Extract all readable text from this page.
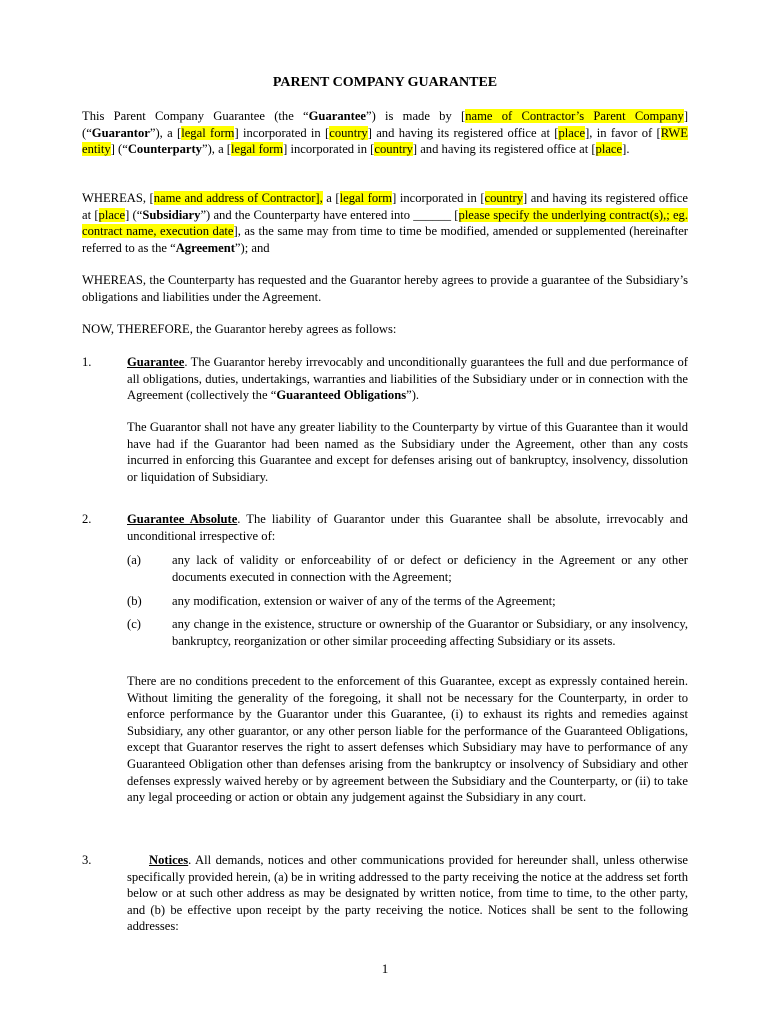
PARENT COMPANY GUARANTEE
This Parent Company Guarantee (the “Guarantee”) is made by [name of Contractor’s Parent Company] (“Guarantor”), a [legal form] incorporated in [country] and having its registered office at [place], in favor of [RWE entity] (“Counterparty”), a [legal form] incorporated in [country] and having its registered office at [place].
WHEREAS, [name and address of Contractor], a [legal form] incorporated in [country] and having its registered office at [place] (“Subsidiary”) and the Counterparty have entered into ______ [please specify the underlying contract(s),; eg. contract name, execution date], as the same may from time to time be modified, amended or supplemented (hereinafter referred to as the “Agreement”); and
WHEREAS, the Counterparty has requested and the Guarantor hereby agrees to provide a guarantee of the Subsidiary’s obligations and liabilities under the Agreement.
NOW, THEREFORE, the Guarantor hereby agrees as follows:
1.	Guarantee. The Guarantor hereby irrevocably and unconditionally guarantees the full and due performance of all obligations, duties, undertakings, warranties and liabilities of the Subsidiary under or in connection with the Agreement (collectively the “Guaranteed Obligations”).
The Guarantor shall not have any greater liability to the Counterparty by virtue of this Guarantee than it would have had if the Guarantor had been named as the Subsidiary under the Agreement, other than any costs incurred in enforcing this Guarantee and except for defenses arising out of bankruptcy, insolvency, dissolution or liquidation of Subsidiary.
2.	Guarantee Absolute. The liability of Guarantor under this Guarantee shall be absolute, irrevocably and unconditional irrespective of:
(a) any lack of validity or enforceability of or defect or deficiency in the Agreement or any other documents executed in connection with the Agreement;
(b) any modification, extension or waiver of any of the terms of the Agreement;
(c) any change in the existence, structure or ownership of the Guarantor or Subsidiary, or any insolvency, bankruptcy, reorganization or other similar proceeding affecting Subsidiary or its assets.
There are no conditions precedent to the enforcement of this Guarantee, except as expressly contained herein. Without limiting the generality of the foregoing, it shall not be necessary for the Counterparty, in order to enforce performance by the Guarantor under this Guarantee, (i) to exhaust its rights and remedies against Subsidiary, any other guarantor, or any other person liable for the performance of the Guaranteed Obligations, except that Guarantor reserves the right to assert defenses which Subsidiary may have to performance of any Guaranteed Obligation other than defenses arising from the bankruptcy or insolvency of Subsidiary and other defenses expressly waived hereby or by agreement between the Subsidiary and the Counterparty, or (ii) to take any legal proceeding or action or obtain any judgement against the Subsidiary in any court.
3.	Notices. All demands, notices and other communications provided for hereunder shall, unless otherwise specifically provided herein, (a) be in writing addressed to the party receiving the notice at the address set forth below or at such other address as may be designated by written notice, from time to time, to the other party, and (b) be effective upon receipt by the party receiving the notice. Notices shall be sent to the following addresses:
1
